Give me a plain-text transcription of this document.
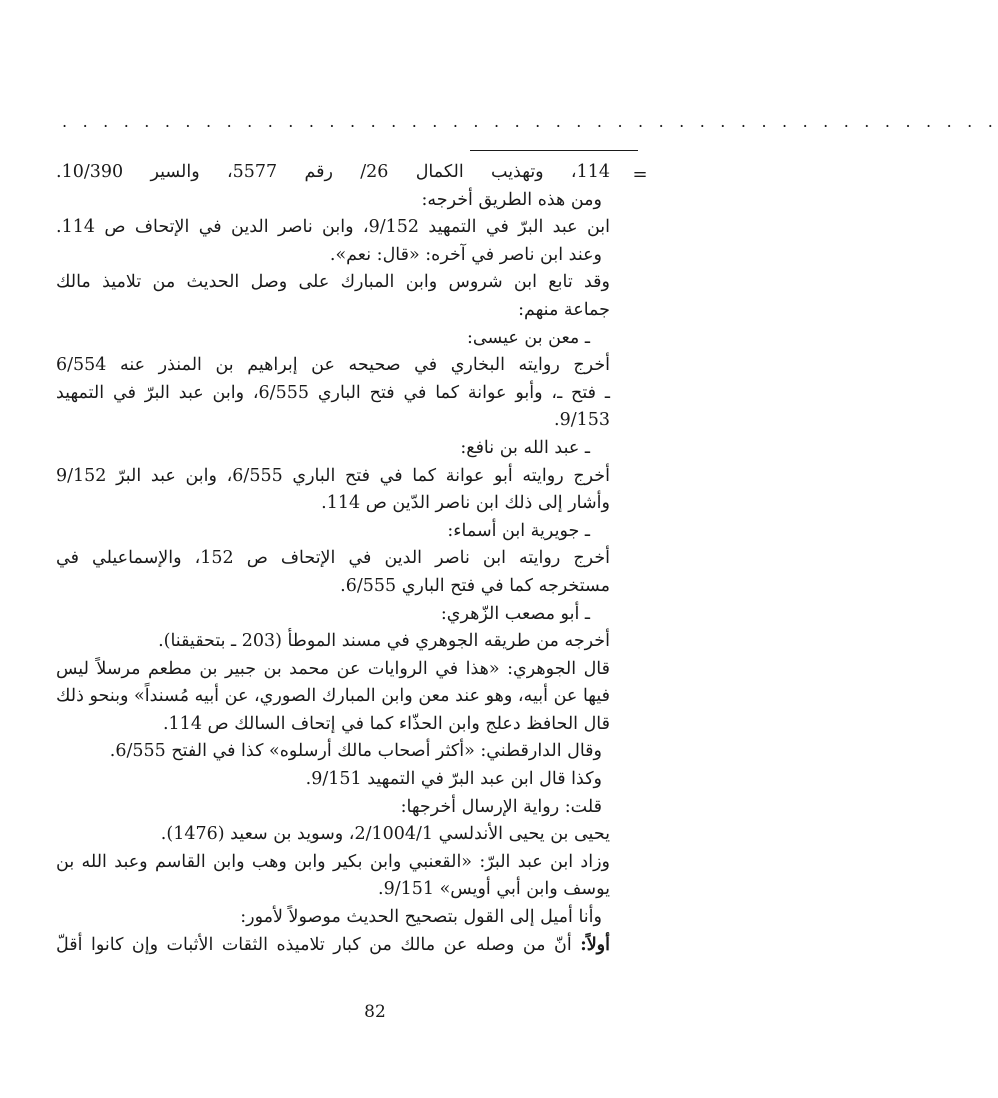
. . . . . . . . . . . . . . . . . . . . . . . . . . . . . . . . . . . . . . . . . . . . . .
=
114، وتهذيب الكمال 26/ رقم 5577، والسير 10/390.
ومن هذه الطريق أخرجه:
ابن عبد البرّ في التمهيد 9/152، وابن ناصر الدين في الإتحاف ص 114.
وعند ابن ناصر في آخره: «قال: نعم».
وقد تابع ابن شروس وابن المبارك على وصل الحديث من تلاميذ مالك
جماعة منهم:
ـ معن بن عيسى:
أخرج روايته البخاري في صحيحه عن إبراهيم بن المنذر عنه 6/554
ـ فتح ـ، وأبو عوانة كما في فتح الباري 6/555، وابن عبد البرّ في التمهيد
9/153.
ـ عبد الله بن نافع:
أخرج روايته أبو عوانة كما في فتح الباري 6/555، وابن عبد البرّ 9/152
وأشار إلى ذلك ابن ناصر الدّين ص 114.
ـ جويرية ابن أسماء:
أخرج روايته ابن ناصر الدين في الإتحاف ص 152، والإسماعيلي في
مستخرجه كما في فتح الباري 6/555.
ـ أبو مصعب الزّهري:
أخرجه من طريقه الجوهري في مسند الموطأ (203 ـ بتحقيقنا).
قال الجوهري: «هذا في الروايات عن محمد بن جبير بن مطعم مرسلاً ليس
فيها عن أبيه، وهو عند معن وابن المبارك الصوري، عن أبيه مُسنداً» وبنحو ذلك
قال الحافظ دعلج وابن الحذّاء كما في إتحاف السالك ص 114.
وقال الدارقطني: «أكثر أصحاب مالك أرسلوه» كذا في الفتح 6/555.
وكذا قال ابن عبد البرّ في التمهيد 9/151.
قلت: رواية الإرسال أخرجها:
يحيى بن يحيى الأندلسي 2/1004/1، وسويد بن سعيد (1476).
وزاد ابن عبد البرّ: «القعنبي وابن بكير وابن وهب وابن القاسم وعبد الله بن
يوسف وابن أبي أويس» 9/151.
وأنا أميل إلى القول بتصحيح الحديث موصولاً لأمور:
أولاً: أنّ من وصله عن مالك من كبار تلاميذه الثقات الأثبات وإن كانوا أقلّ
82
